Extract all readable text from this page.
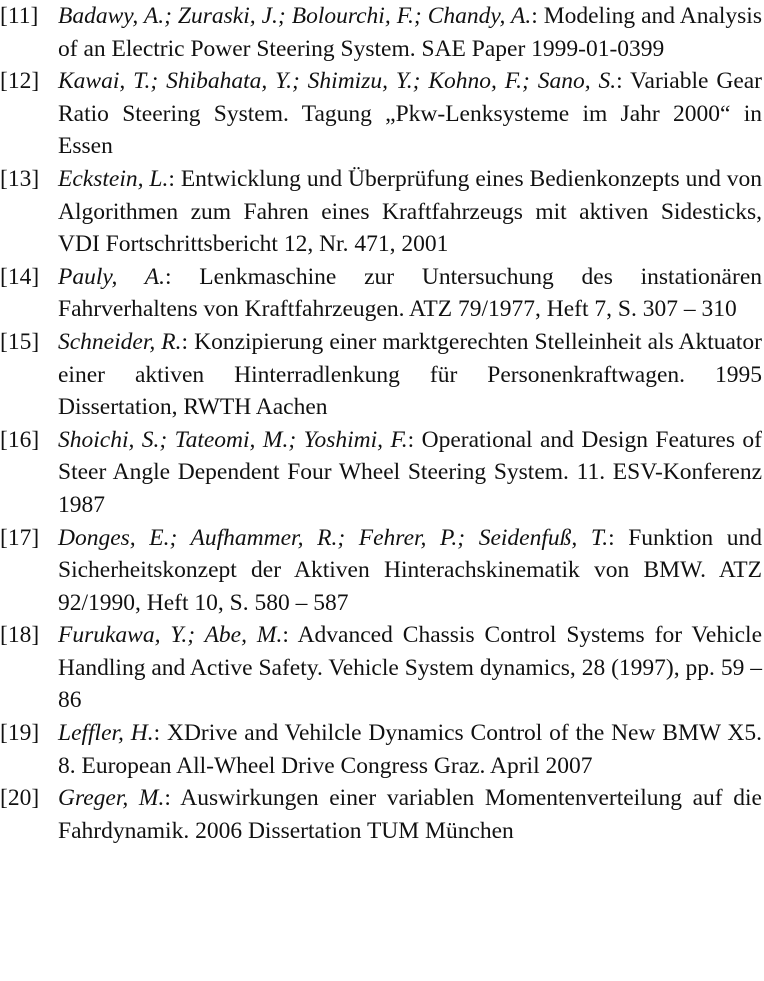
[11] Badawy, A.; Zuraski, J.; Bolourchi, F.; Chandy, A.: Modeling and Analysis of an Electric Power Steering System. SAE Paper 1999-01-0399

[12] Kawai, T.; Shibahata, Y.; Shimizu, Y.; Kohno, F.; Sano, S.: Variable Gear Ratio Steering System. Tagung „Pkw-Lenksysteme im Jahr 2000“ in Essen

[13] Eckstein, L.: Entwicklung und Überprüfung eines Bedienkonzepts und von Algorithmen zum Fahren eines Kraftfahrzeugs mit aktiven Sidesticks, VDI Fortschrittsbericht 12, Nr. 471, 2001

[14] Pauly, A.: Lenkmaschine zur Untersuchung des instationären Fahrverhaltens von Kraftfahrzeugen. ATZ 79/1977, Heft 7, S. 307 – 310

[15] Schneider, R.: Konzipierung einer marktgerechten Stelleinheit als Aktuator einer aktiven Hinterradlenkung für Personenkraftwagen. 1995 Dissertation, RWTH Aachen

[16] Shoichi, S.; Tateomi, M.; Yoshimi, F.: Operational and Design Features of Steer Angle Dependent Four Wheel Steering System. 11. ESV-Konferenz 1987

[17] Donges, E.; Aufhammer, R.; Fehrer, P.; Seidenfuß, T.: Funktion und Sicherheitskonzept der Aktiven Hinterachskinematik von BMW. ATZ 92/1990, Heft 10, S. 580 – 587

[18] Furukawa, Y.; Abe, M.: Advanced Chassis Control Systems for Vehicle Handling and Active Safety. Vehicle System dynamics, 28 (1997), pp. 59 – 86

[19] Leffler, H.: XDrive and Vehilcle Dynamics Control of the New BMW X5. 8. European All-Wheel Drive Congress Graz. April 2007

[20] Greger, M.: Auswirkungen einer variablen Momentenverteilung auf die Fahrdynamik. 2006 Dissertation TUM München
